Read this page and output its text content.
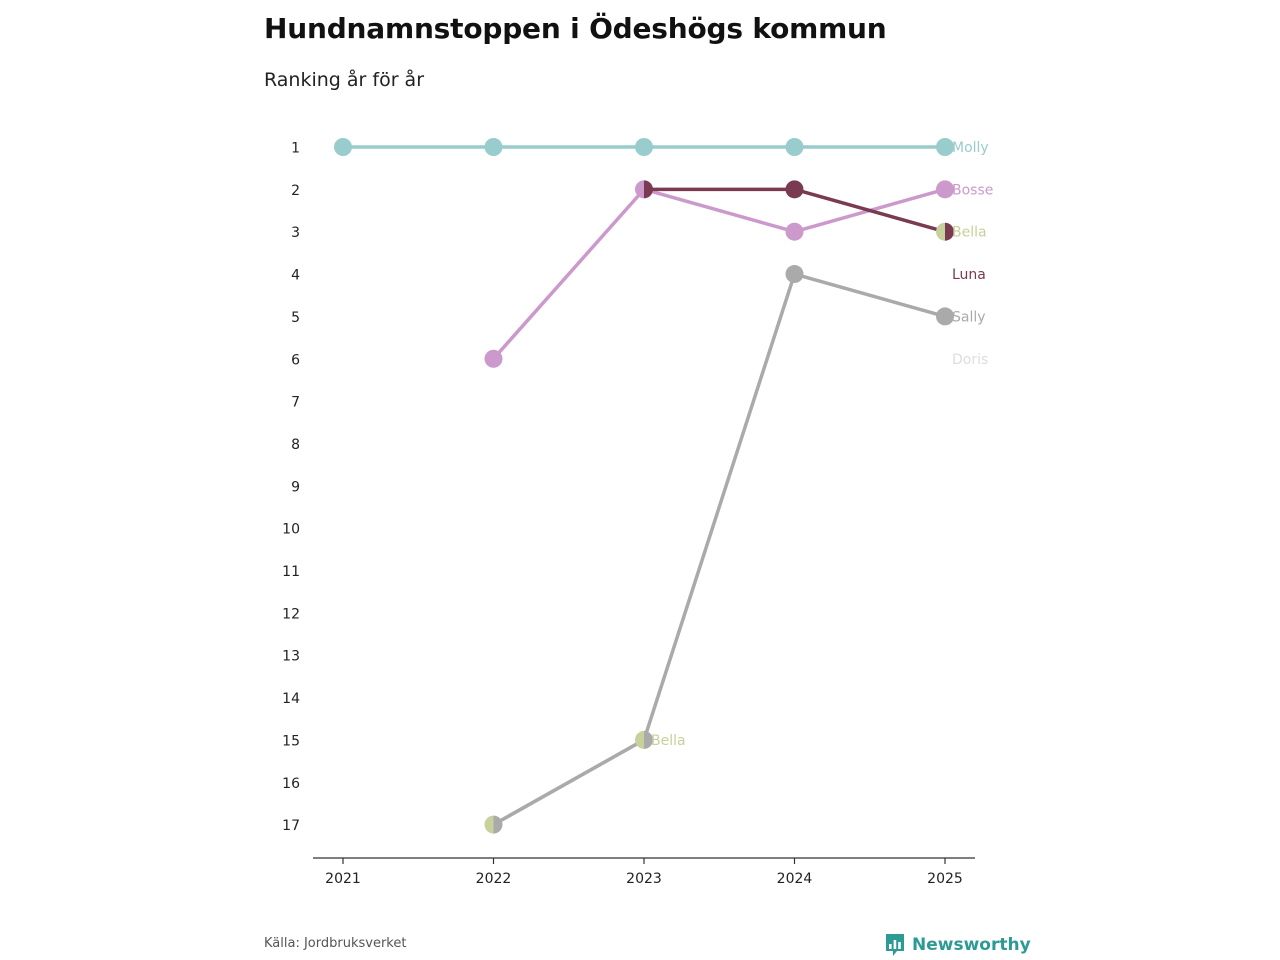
Hundnamnstoppen i Ödeshögs kommun

Ranking år för år

1
2
3
4
5
6
7
8
9
10
11
12
13
14
15
16
17
2021	2022	2023	2024	2025
Molly
Bosse
Bella
Luna
Sally
Doris
Bella
Källa: Jordbruksverket	Newsworthy
